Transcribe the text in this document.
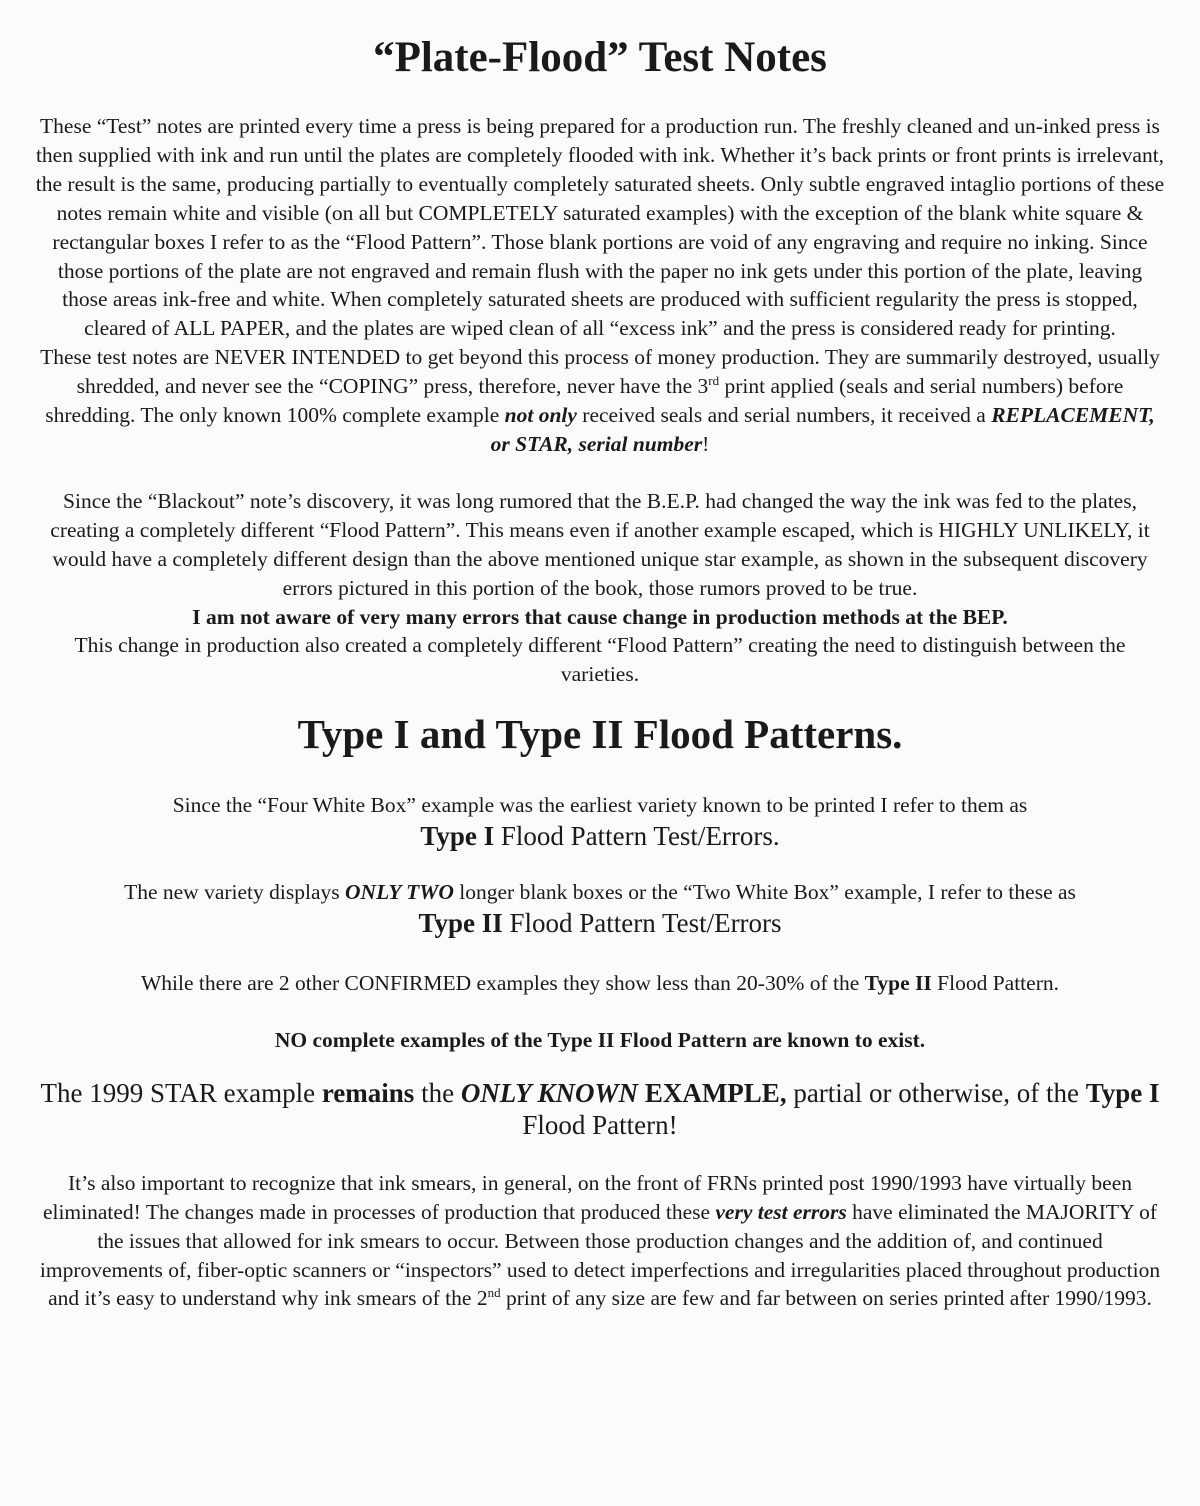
“Plate-Flood” Test Notes

These “Test” notes are printed every time a press is being prepared for a production run. The freshly cleaned and un-inked press is then supplied with ink and run until the plates are completely flooded with ink. Whether it’s back prints or front prints is irrelevant, the result is the same, producing partially to eventually completely saturated sheets. Only subtle engraved intaglio portions of these notes remain white and visible (on all but COMPLETELY saturated examples) with the exception of the blank white square & rectangular boxes I refer to as the “Flood Pattern”. Those blank portions are void of any engraving and require no inking. Since those portions of the plate are not engraved and remain flush with the paper no ink gets under this portion of the plate, leaving those areas ink-free and white. When completely saturated sheets are produced with sufficient regularity the press is stopped, cleared of ALL PAPER, and the plates are wiped clean of all “excess ink” and the press is considered ready for printing.

These test notes are NEVER INTENDED to get beyond this process of money production. They are summarily destroyed, usually shredded, and never see the “COPING” press, therefore, never have the 3rd print applied (seals and serial numbers) before shredding. The only known 100% complete example not only received seals and serial numbers, it received a REPLACEMENT, or STAR, serial number!

Since the “Blackout” note’s discovery, it was long rumored that the B.E.P. had changed the way the ink was fed to the plates, creating a completely different “Flood Pattern”. This means even if another example escaped, which is HIGHLY UNLIKELY, it would have a completely different design than the above mentioned unique star example, as shown in the subsequent discovery errors pictured in this portion of the book, those rumors proved to be true.

I am not aware of very many errors that cause change in production methods at the BEP.

This change in production also created a completely different “Flood Pattern” creating the need to distinguish between the varieties.

Type I and Type II Flood Patterns.

Since the “Four White Box” example was the earliest variety known to be printed I refer to them as

Type I Flood Pattern Test/Errors.

The new variety displays ONLY TWO longer blank boxes or the “Two White Box” example, I refer to these as

Type II Flood Pattern Test/Errors

While there are 2 other CONFIRMED examples they show less than 20-30% of the Type II Flood Pattern.

NO complete examples of the Type II Flood Pattern are known to exist.

The 1999 STAR example remains the ONLY KNOWN EXAMPLE, partial or otherwise, of the Type I Flood Pattern!

It’s also important to recognize that ink smears, in general, on the front of FRNs printed post 1990/1993 have virtually been eliminated! The changes made in processes of production that produced these very test errors have eliminated the MAJORITY of the issues that allowed for ink smears to occur. Between those production changes and the addition of, and continued improvements of, fiber-optic scanners or “inspectors” used to detect imperfections and irregularities placed throughout production and it’s easy to understand why ink smears of the 2nd print of any size are few and far between on series printed after 1990/1993.
